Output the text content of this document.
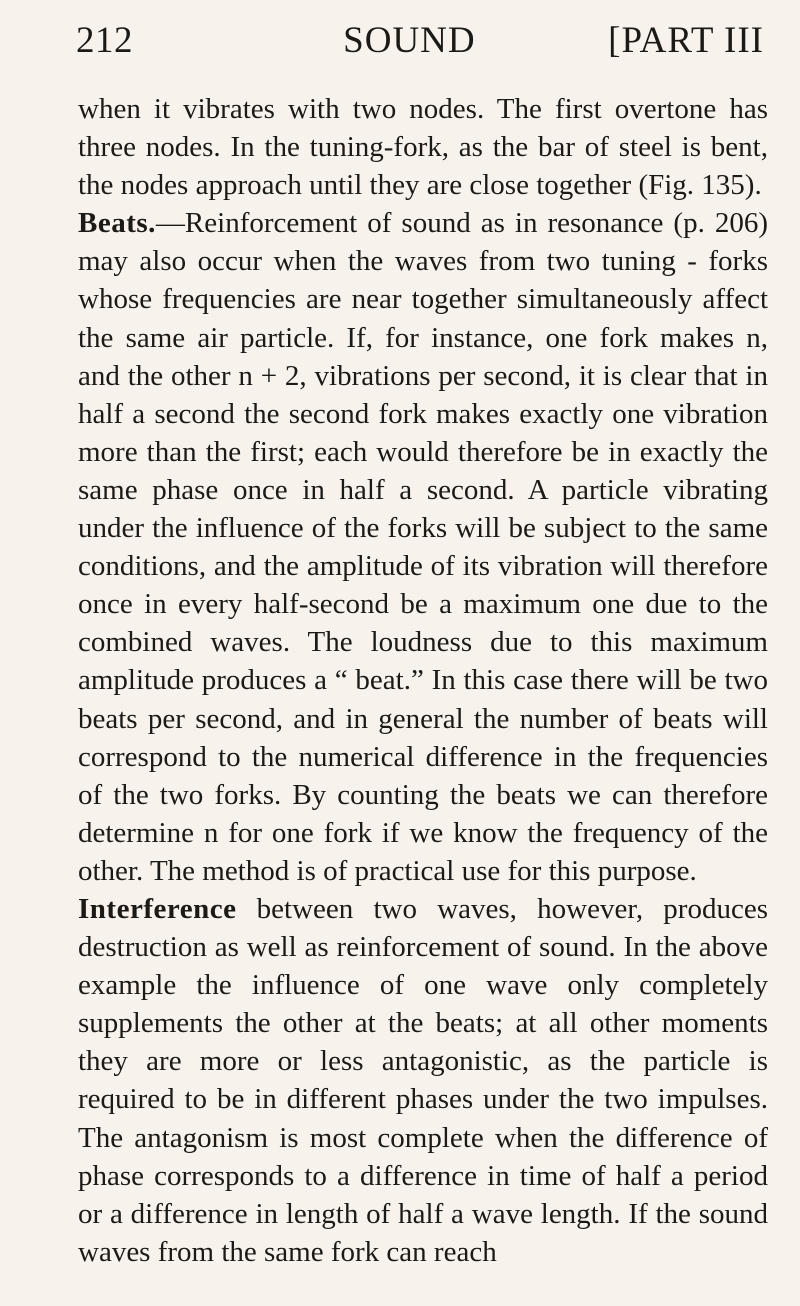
212	SOUND	[PART III

when it vibrates with two nodes. The first overtone has three nodes. In the tuning-fork, as the bar of steel is bent, the nodes approach until they are close together (Fig. 135).

Beats.—Reinforcement of sound as in resonance (p. 206) may also occur when the waves from two tuning - forks whose frequencies are near together simultaneously affect the same air particle. If, for instance, one fork makes n, and the other n + 2, vibrations per second, it is clear that in half a second the second fork makes exactly one vibration more than the first; each would therefore be in exactly the same phase once in half a second. A particle vibrating under the influence of the forks will be subject to the same conditions, and the amplitude of its vibration will therefore once in every half-second be a maximum one due to the combined waves. The loudness due to this maximum amplitude produces a “ beat.” In this case there will be two beats per second, and in general the number of beats will correspond to the numerical difference in the frequencies of the two forks. By counting the beats we can therefore determine n for one fork if we know the frequency of the other. The method is of practical use for this purpose.

Interference between two waves, however, produces destruction as well as reinforcement of sound. In the above example the influence of one wave only completely supplements the other at the beats; at all other moments they are more or less antagonistic, as the particle is required to be in different phases under the two impulses. The antagonism is most complete when the difference of phase corresponds to a difference in time of half a period or a difference in length of half a wave length. If the sound waves from the same fork can reach
